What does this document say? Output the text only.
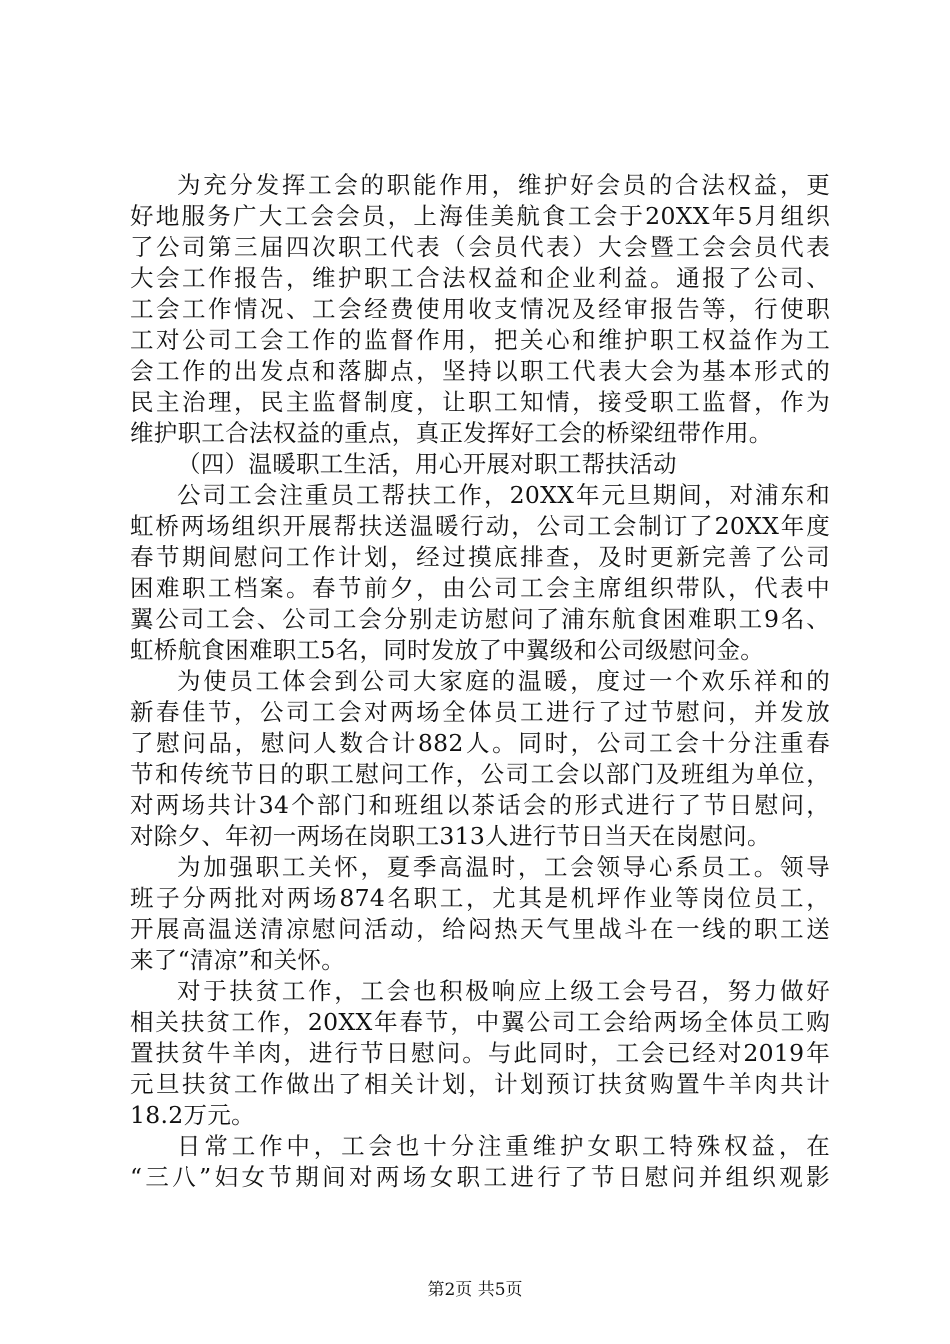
为充分发挥工会的职能作用，维护好会员的合法权益，更
好地服务广大工会会员，上海佳美航食工会于20XX年5月组织
了公司第三届四次职工代表（会员代表）大会暨工会会员代表
大会工作报告，维护职工合法权益和企业利益。通报了公司、
工会工作情况、工会经费使用收支情况及经审报告等，行使职
工对公司工会工作的监督作用，把关心和维护职工权益作为工
会工作的出发点和落脚点，坚持以职工代表大会为基本形式的
民主治理，民主监督制度，让职工知情，接受职工监督，作为
维护职工合法权益的重点，真正发挥好工会的桥梁纽带作用。
（四）温暖职工生活，用心开展对职工帮扶活动
公司工会注重员工帮扶工作，20XX年元旦期间，对浦东和
虹桥两场组织开展帮扶送温暖行动，公司工会制订了20XX年度
春节期间慰问工作计划，经过摸底排查，及时更新完善了公司
困难职工档案。春节前夕，由公司工会主席组织带队，代表中
翼公司工会、公司工会分别走访慰问了浦东航食困难职工9名、
虹桥航食困难职工5名，同时发放了中翼级和公司级慰问金。
为使员工体会到公司大家庭的温暖，度过一个欢乐祥和的
新春佳节，公司工会对两场全体员工进行了过节慰问，并发放
了慰问品，慰问人数合计882人。同时，公司工会十分注重春
节和传统节日的职工慰问工作，公司工会以部门及班组为单位，
对两场共计34个部门和班组以茶话会的形式进行了节日慰问，
对除夕、年初一两场在岗职工313人进行节日当天在岗慰问。
为加强职工关怀，夏季高温时，工会领导心系员工。领导
班子分两批对两场874名职工，尤其是机坪作业等岗位员工，
开展高温送清凉慰问活动，给闷热天气里战斗在一线的职工送
来了“清凉”和关怀。
对于扶贫工作，工会也积极响应上级工会号召，努力做好
相关扶贫工作，20XX年春节，中翼公司工会给两场全体员工购
置扶贫牛羊肉，进行节日慰问。与此同时，工会已经对2019年
元旦扶贫工作做出了相关计划，计划预订扶贫购置牛羊肉共计
18.2万元。
日常工作中，工会也十分注重维护女职工特殊权益，在
“三八”妇女节期间对两场女职工进行了节日慰问并组织观影
第2页 共5页
